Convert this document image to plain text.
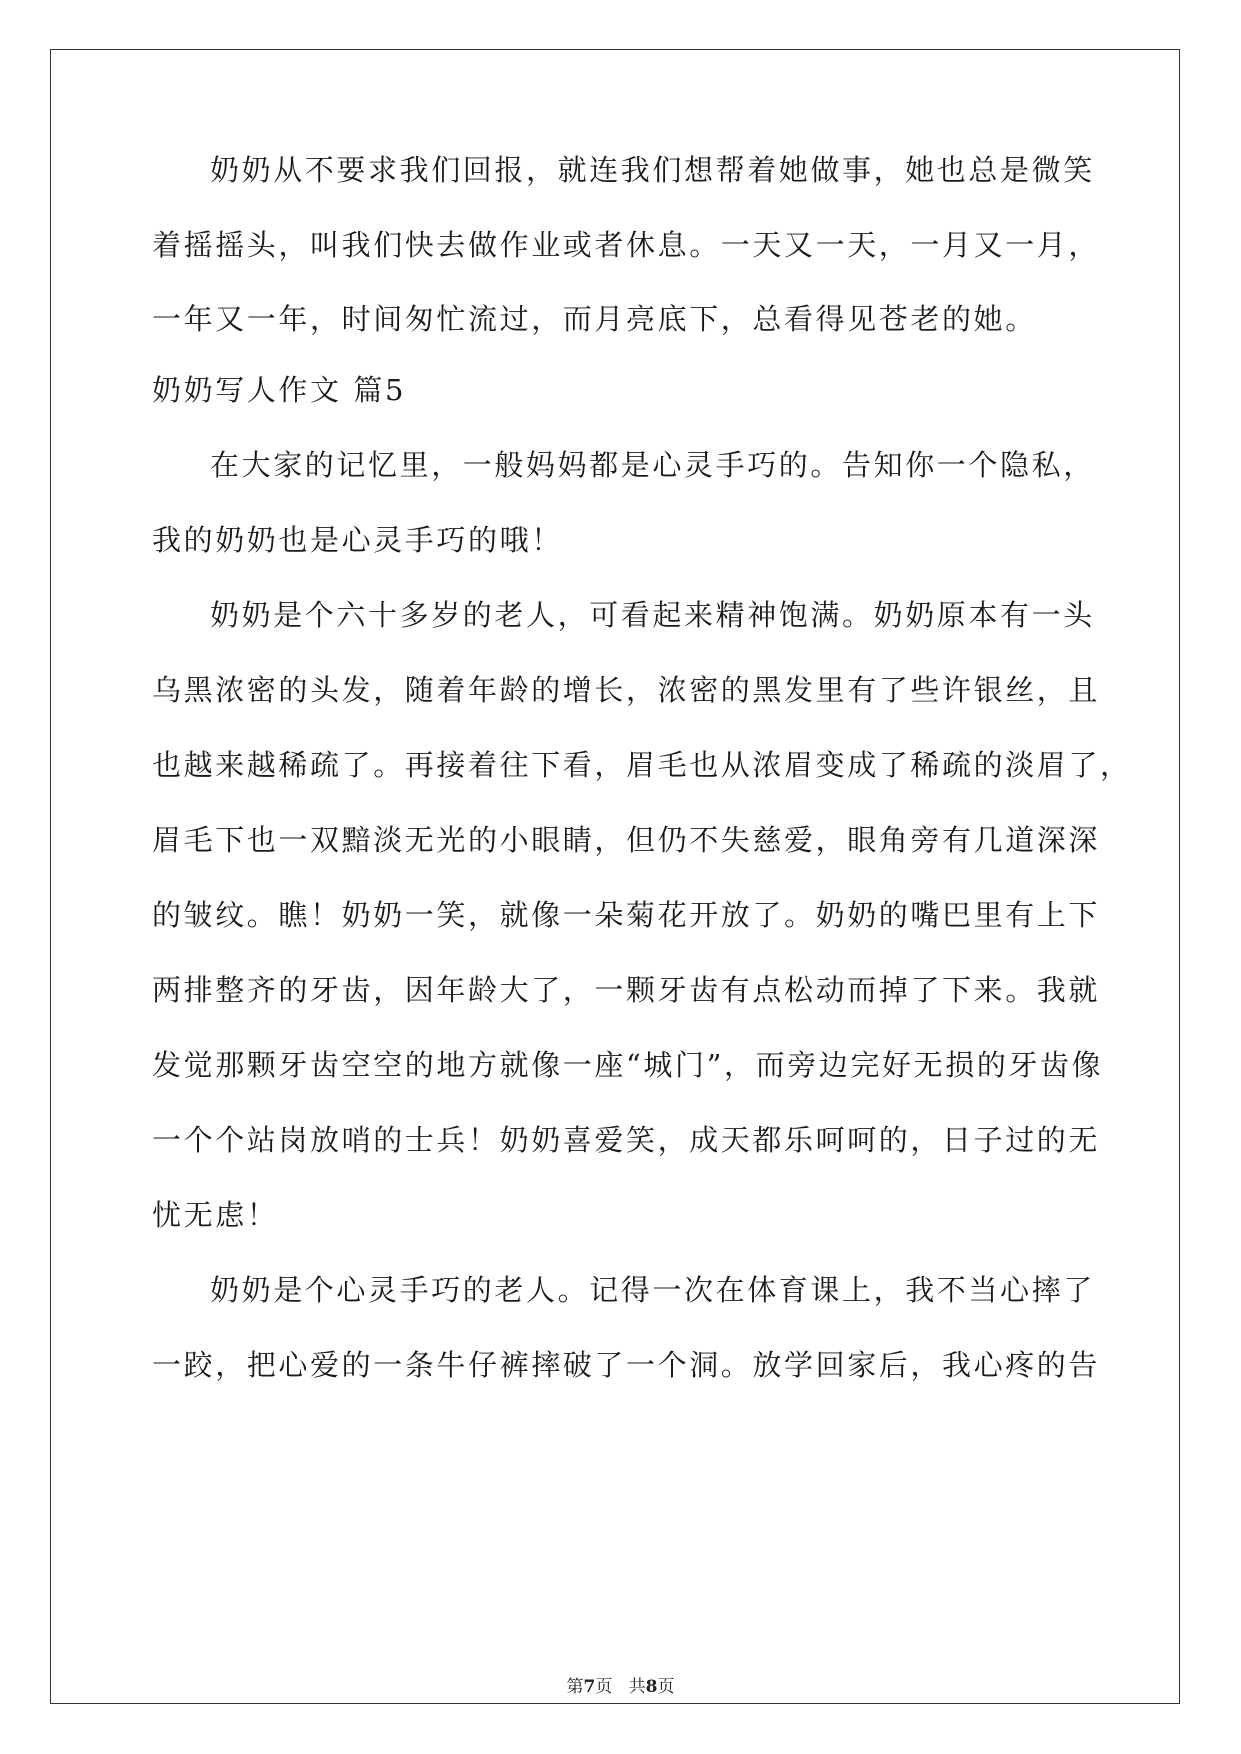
奶奶从不要求我们回报，就连我们想帮着她做事，她也总是微笑
着摇摇头，叫我们快去做作业或者休息。一天又一天，一月又一月，
一年又一年，时间匆忙流过，而月亮底下，总看得见苍老的她。
奶奶写人作文 篇5
在大家的记忆里，一般妈妈都是心灵手巧的。告知你一个隐私，
我的奶奶也是心灵手巧的哦！
奶奶是个六十多岁的老人，可看起来精神饱满。奶奶原本有一头
乌黑浓密的头发，随着年龄的增长，浓密的黑发里有了些许银丝，且
也越来越稀疏了。再接着往下看，眉毛也从浓眉变成了稀疏的淡眉了，
眉毛下也一双黯淡无光的小眼睛，但仍不失慈爱，眼角旁有几道深深
的皱纹。瞧！奶奶一笑，就像一朵菊花开放了。奶奶的嘴巴里有上下
两排整齐的牙齿，因年龄大了，一颗牙齿有点松动而掉了下来。我就
发觉那颗牙齿空空的地方就像一座“城门”，而旁边完好无损的牙齿像
一个个站岗放哨的士兵！奶奶喜爱笑，成天都乐呵呵的，日子过的无
忧无虑！
奶奶是个心灵手巧的老人。记得一次在体育课上，我不当心摔了
一跤，把心爱的一条牛仔裤摔破了一个洞。放学回家后，我心疼的告
第7页   共8页
